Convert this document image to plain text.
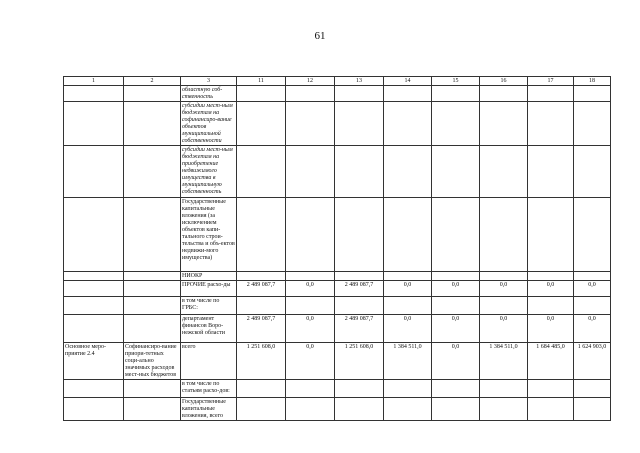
61
1	2	3	11	12	13	14	15	16	17	18
		областную соб-ственность								
		субсидии мест-ным бюджетам на софинансиро-вание объектов муниципальной собственности								
		субсидии мест-ным бюджетам на приобретение недвижимого имущества в муниципальную собственность								
		Государственные капитальные вложения (за исключением объектов капи-тального строи-тельства и объ-ектов недвижи-мого имущества)								
		НИОКР								
		ПРОЧИЕ расхо-ды	2 489 087,7	0,0	2 489 087,7	0,0	0,0	0,0	0,0	0,0
		в том числе по ГРБС:								
		департамент финансов Воро-нежской области	2 489 087,7	0,0	2 489 087,7	0,0	0,0	0,0	0,0	0,0
Основное меро-приятие 2.4	Софинансиро-вание приори-тетных соци-ально значимых расходов мест-ных бюджетов	всего	1 251 608,0	0,0	1 251 608,0	1 384 511,0	0,0	1 384 511,0	1 684 485,0	1 624 903,0
		в том числе по статьям расхо-дов:								
		Государственные капитальные вложения, всего								
